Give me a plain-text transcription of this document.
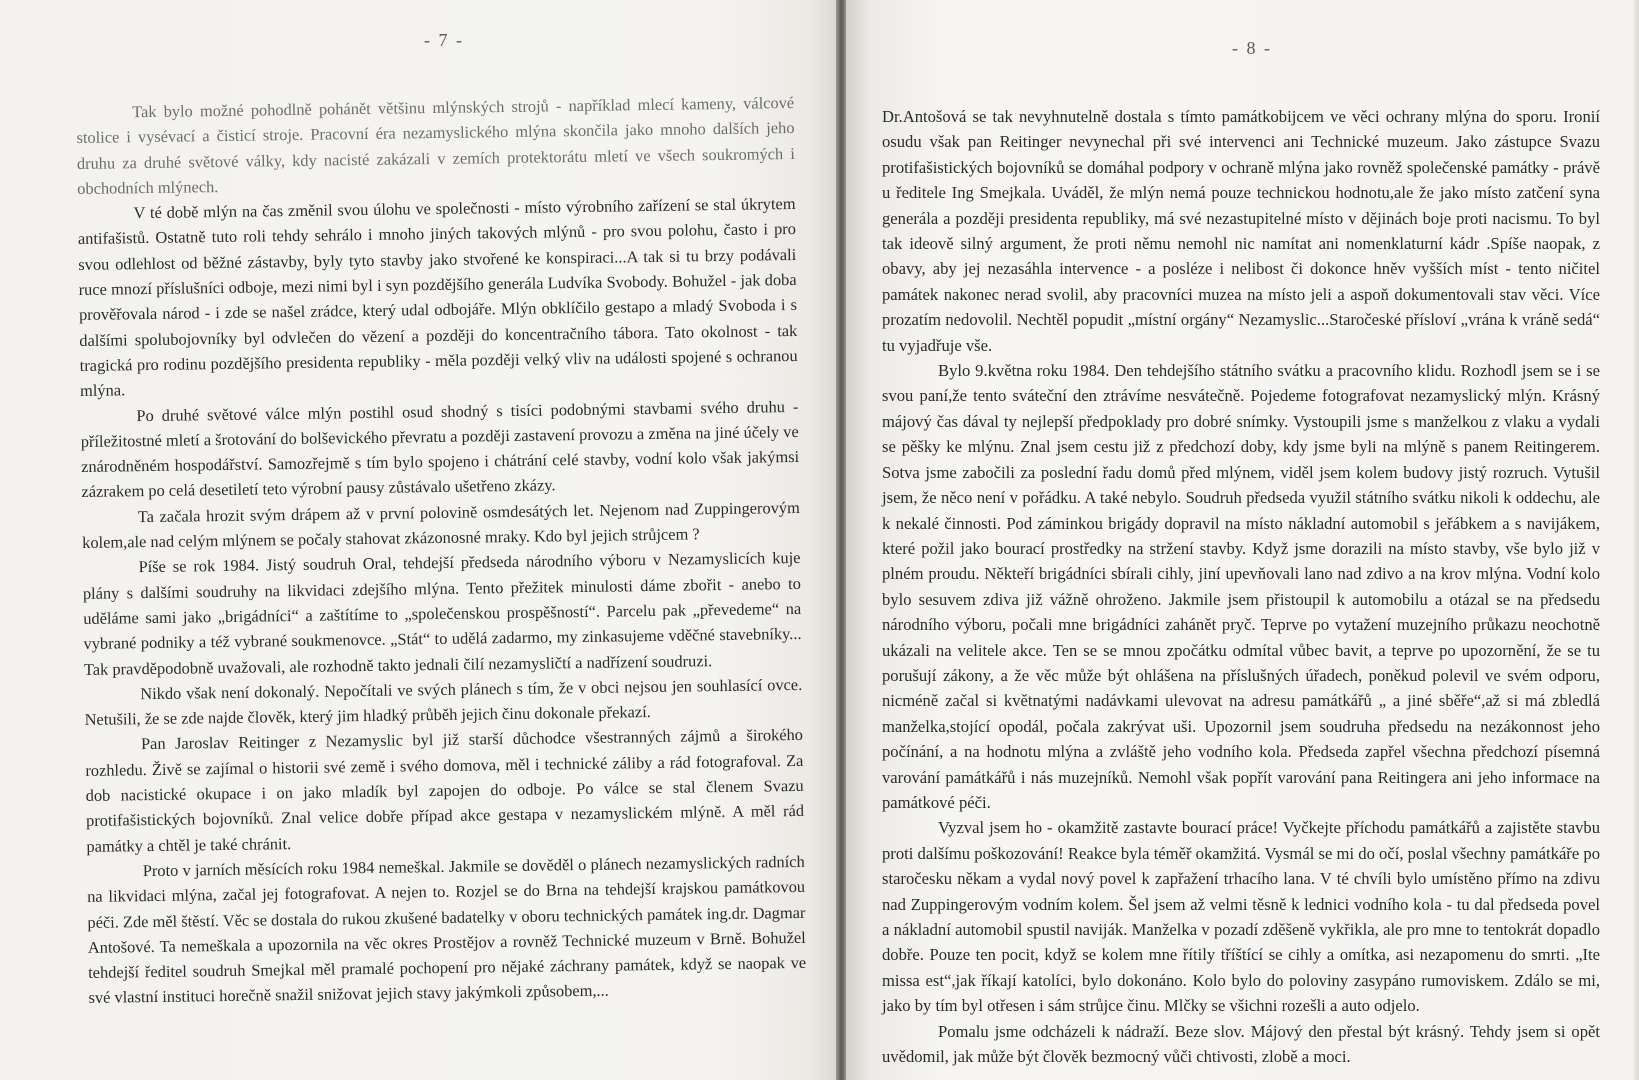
- 7 -

Tak bylo možné pohodlně pohánět většinu mlýnských strojů - například mlecí kameny, válcové stolice i vysévací a čisticí stroje. Pracovní éra nezamyslického mlýna skončila jako mnoho dalších jeho druhu za druhé světové války, kdy nacisté zakázali v zemích protektorátu mletí ve všech soukromých i obchodních mlýnech.

V té době mlýn na čas změnil svou úlohu ve společnosti - místo výrobního zařízení se stal úkrytem antifašistů. Ostatně tuto roli tehdy sehrálo i mnoho jiných takových mlýnů - pro svou polohu, často i pro svou odlehlost od běžné zástavby, byly tyto stavby jako stvořené ke konspiraci...A tak si tu brzy podávali ruce mnozí příslušníci odboje, mezi nimi byl i syn pozdějšího generála Ludvíka Svobody. Bohužel - jak doba prověřovala národ - i zde se našel zrádce, který udal odbojáře. Mlýn obklíčilo gestapo a mladý Svoboda i s dalšími spolubojovníky byl odvlečen do vězení a později do koncentračního tábora. Tato okolnost - tak tragická pro rodinu pozdějšího presidenta republiky - měla později velký vliv na události spojené s ochranou mlýna.

Po druhé světové válce mlýn postihl osud shodný s tisíci podobnými stavbami svého druhu - příležitostné mletí a šrotování do bolševického převratu a později zastavení provozu a změna na jiné účely ve znárodněném hospodářství. Samozřejmě s tím bylo spojeno i chátrání celé stavby, vodní kolo však jakýmsi zázrakem po celá desetiletí teto výrobní pausy zůstávalo ušetřeno zkázy.

Ta začala hrozit svým drápem až v první polovině osmdesátých let. Nejenom nad Zuppingerovým kolem,ale nad celým mlýnem se počaly stahovat zkázonosné mraky. Kdo byl jejich strůjcem ?

Píše se rok 1984. Jistý soudruh Oral, tehdejší předseda národního výboru v Nezamyslicích kuje plány s dalšími soudruhy na likvidaci zdejšího mlýna. Tento přežitek minulosti dáme zbořit - anebo to uděláme sami jako „brigádníci“ a zaštítíme to „společenskou prospěšností“. Parcelu pak „převedeme“ na vybrané podniky a též vybrané soukmenovce. „Stát“ to udělá zadarmo, my zinkasujeme vděčné stavebníky... Tak pravděpodobně uvažovali, ale rozhodně takto jednali čilí nezamysličtí a nadřízení soudruzi.

Nikdo však není dokonalý. Nepočítali ve svých plánech s tím, že v obci nejsou jen souhlasící ovce. Netušili, že se zde najde člověk, který jim hladký průběh jejich činu dokonale překazí.

Pan Jaroslav Reitinger z Nezamyslic byl již starší důchodce všestranných zájmů a širokého rozhledu. Živě se zajímal o historii své země i svého domova, měl i technické záliby a rád fotografoval. Za dob nacistické okupace i on jako mladík byl zapojen do odboje. Po válce se stal členem Svazu protifašistických bojovníků. Znal velice dobře případ akce gestapa v nezamyslickém mlýně. A měl rád památky a chtěl je také chránit.

Proto v jarních měsících roku 1984 nemeškal. Jakmile se dověděl o plánech nezamyslických radních na likvidaci mlýna, začal jej fotografovat. A nejen to. Rozjel se do Brna na tehdejší krajskou památkovou péči. Zde měl štěstí. Věc se dostala do rukou zkušené badatelky v oboru technických památek ing.dr. Dagmar Antošové. Ta nemeškala a upozornila na věc okres Prostějov a rovněž Technické muzeum v Brně. Bohužel tehdejší ředitel soudruh Smejkal měl pramalé pochopení pro nějaké záchrany památek, když se naopak ve své vlastní instituci horečně snažil snižovat jejich stavy jakýmkoli způsobem,...

- 8 -

Dr.Antošová se tak nevyhnutelně dostala s tímto památkobijcem ve věci ochrany mlýna do sporu. Ironií osudu však pan Reitinger nevynechal při své intervenci ani Technické muzeum. Jako zástupce Svazu protifašistických bojovníků se domáhal podpory v ochraně mlýna jako rovněž společenské památky - právě u ředitele Ing Smejkala. Uváděl, že mlýn nemá pouze technickou hodnotu,ale že jako místo zatčení syna generála a později presidenta republiky, má své nezastupitelné místo v dějinách boje proti nacismu. To byl tak ideově silný argument, že proti němu nemohl nic namítat ani nomenklaturní kádr .Spíše naopak, z obavy, aby jej nezasáhla intervence - a posléze i nelibost či dokonce hněv vyšších míst - tento ničitel památek nakonec nerad svolil, aby pracovníci muzea na místo jeli a aspoň dokumentovali stav věci. Více prozatím nedovolil. Nechtěl popudit „místní orgány“ Nezamyslic...Staročeské přísloví „vrána k vráně sedá“ tu vyjadřuje vše.

Bylo 9.května roku 1984. Den tehdejšího státního svátku a pracovního klidu. Rozhodl jsem se i se svou paní,že tento sváteční den ztrávíme nesvátečně. Pojedeme fotografovat nezamyslický mlýn. Krásný májový čas dával ty nejlepší předpoklady pro dobré snímky. Vystoupili jsme s manželkou z vlaku a vydali se pěšky ke mlýnu. Znal jsem cestu již z předchozí doby, kdy jsme byli na mlýně s panem Reitingerem. Sotva jsme zabočili za poslední řadu domů před mlýnem, viděl jsem kolem budovy jistý rozruch. Vytušil jsem, že něco není v pořádku. A také nebylo. Soudruh předseda využil státního svátku nikoli k oddechu, ale k nekalé činnosti. Pod záminkou brigády dopravil na místo nákladní automobil s jeřábkem a s navijákem, které požil jako bourací prostředky na stržení stavby. Když jsme dorazili na místo stavby, vše bylo již v plném proudu. Někteří brigádníci sbírali cihly, jiní upevňovali lano nad zdivo a na krov mlýna. Vodní kolo bylo sesuvem zdiva již vážně ohroženo. Jakmile jsem přistoupil k automobilu a otázal se na předsedu národního výboru, počali mne brigádníci zahánět pryč. Teprve po vytažení muzejního průkazu neochotně ukázali na velitele akce. Ten se se mnou zpočátku odmítal vůbec bavit, a teprve po upozornění, že se tu porušují zákony, a že věc může být ohlášena na příslušných úřadech, poněkud polevil ve svém odporu, nicméně začal si květnatými nadávkami ulevovat na adresu památkářů „ a jiné sběře“,až si má zbledlá manželka,stojící opodál, počala zakrývat uši. Upozornil jsem soudruha předsedu na nezákonnost jeho počínání, a na hodnotu mlýna a zvláště jeho vodního kola. Předseda zapřel všechna předchozí písemná varování památkářů i nás muzejníků. Nemohl však popřít varování pana Reitingera ani jeho informace na památkové péči.

Vyzval jsem ho - okamžitě zastavte bourací práce! Vyčkejte příchodu památkářů a zajistěte stavbu proti dalšímu poškozování! Reakce byla téměř okamžitá. Vysmál se mi do očí, poslal všechny památkáře po staročesku někam a vydal nový povel k zapřažení trhacího lana. V té chvíli bylo umístěno přímo na zdivu nad Zuppingerovým vodním kolem. Šel jsem až velmi těsně k lednici vodního kola - tu dal předseda povel a nákladní automobil spustil naviják. Manželka v pozadí zděšeně vykřikla, ale pro mne to tentokrát dopadlo dobře. Pouze ten pocit, když se kolem mne řítily tříštící se cihly a omítka, asi nezapomenu do smrti. „Ite missa est“,jak říkají katolíci, bylo dokonáno. Kolo bylo do poloviny zasypáno rumoviskem. Zdálo se mi, jako by tím byl otřesen i sám strůjce činu. Mlčky se všichni rozešli a auto odjelo.

Pomalu jsme odcházeli k nádraží. Beze slov. Májový den přestal být krásný. Tehdy jsem si opět uvědomil, jak může být člověk bezmocný vůči chtivosti, zlobě a moci.
